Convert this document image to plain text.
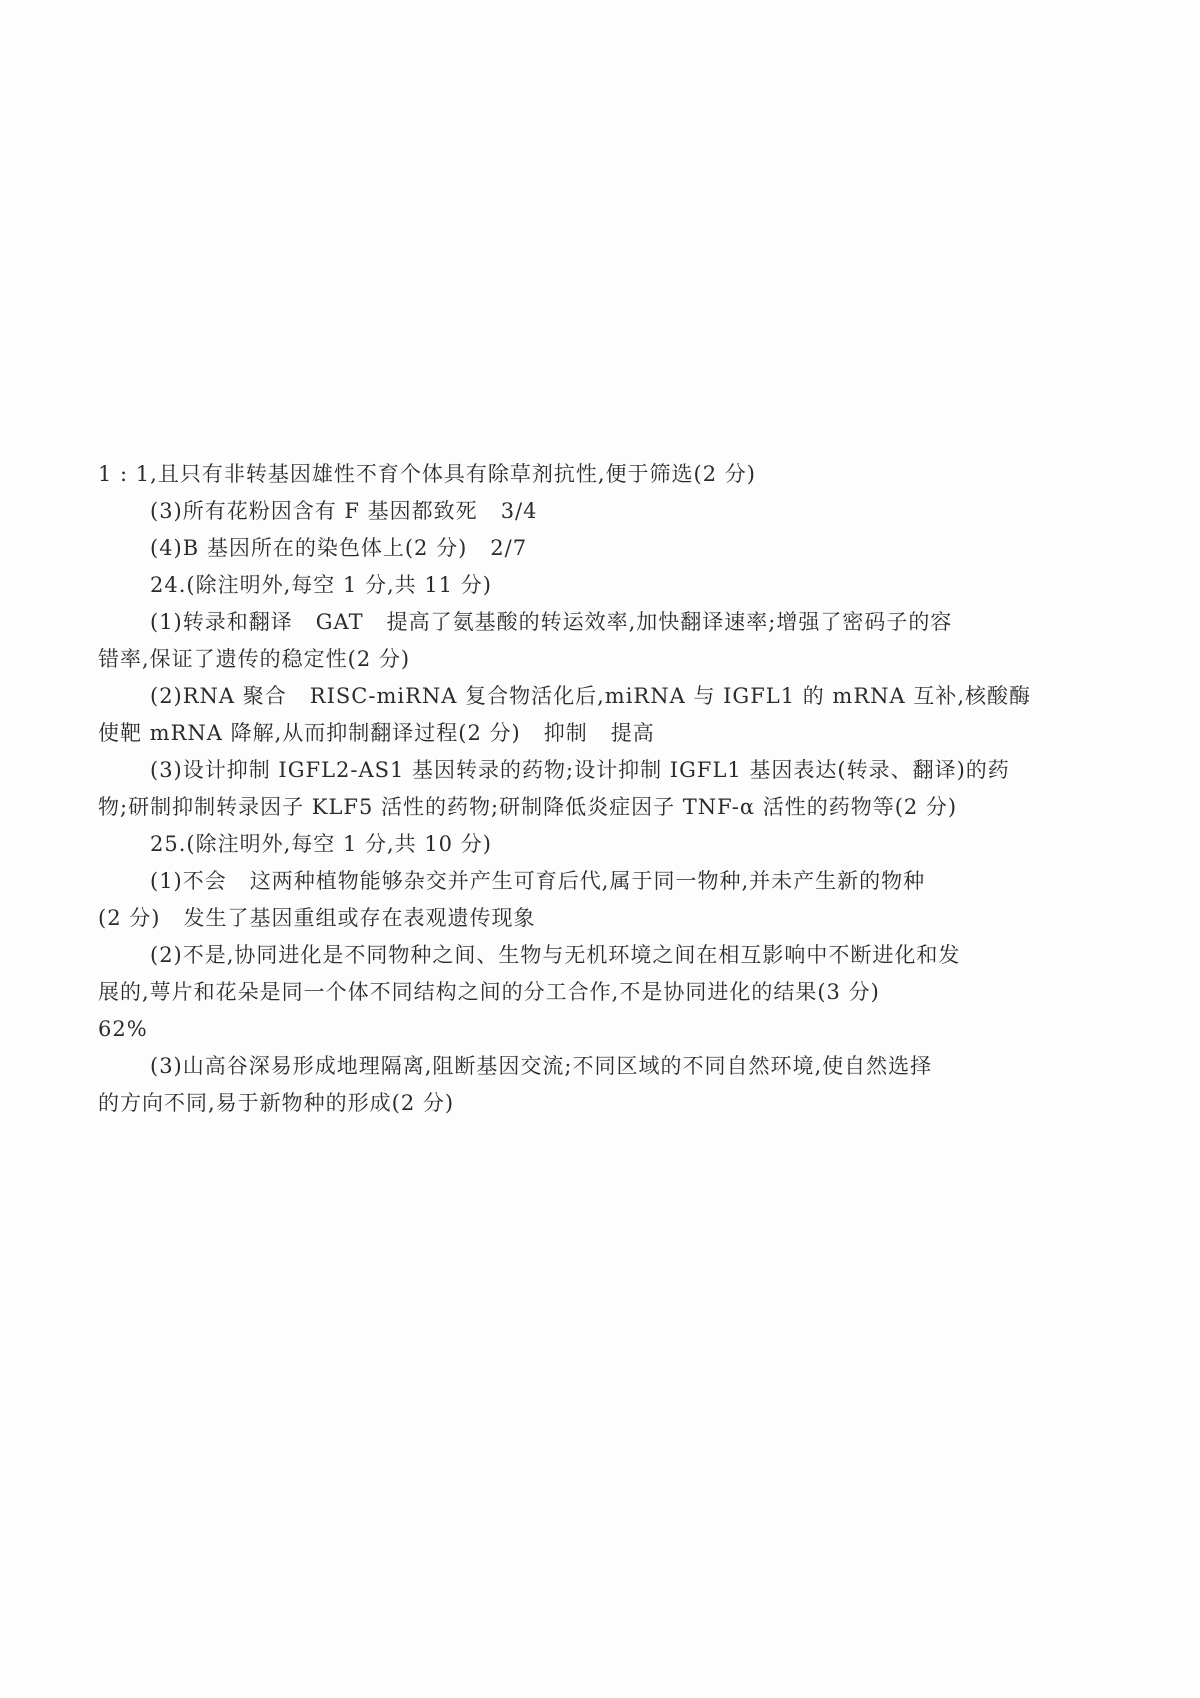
1 : 1,且只有非转基因雄性不育个体具有除草剂抗性,便于筛选(2 分)
(3)所有花粉因含有 F 基因都致死   3/4
(4)B 基因所在的染色体上(2 分)   2/7
24.(除注明外,每空 1 分,共 11 分)
(1)转录和翻译   GAT   提高了氨基酸的转运效率,加快翻译速率;增强了密码子的容
错率,保证了遗传的稳定性(2 分)
(2)RNA 聚合   RISC-miRNA 复合物活化后,miRNA 与 IGFL1 的 mRNA 互补,核酸酶
使靶 mRNA 降解,从而抑制翻译过程(2 分)   抑制   提高
(3)设计抑制 IGFL2-AS1 基因转录的药物;设计抑制 IGFL1 基因表达(转录、翻译)的药
物;研制抑制转录因子 KLF5 活性的药物;研制降低炎症因子 TNF-α 活性的药物等(2 分)
25.(除注明外,每空 1 分,共 10 分)
(1)不会   这两种植物能够杂交并产生可育后代,属于同一物种,并未产生新的物种
(2 分)   发生了基因重组或存在表观遗传现象
(2)不是,协同进化是不同物种之间、生物与无机环境之间在相互影响中不断进化和发
展的,萼片和花朵是同一个体不同结构之间的分工合作,不是协同进化的结果(3 分)
62%
(3)山高谷深易形成地理隔离,阻断基因交流;不同区域的不同自然环境,使自然选择
的方向不同,易于新物种的形成(2 分)
